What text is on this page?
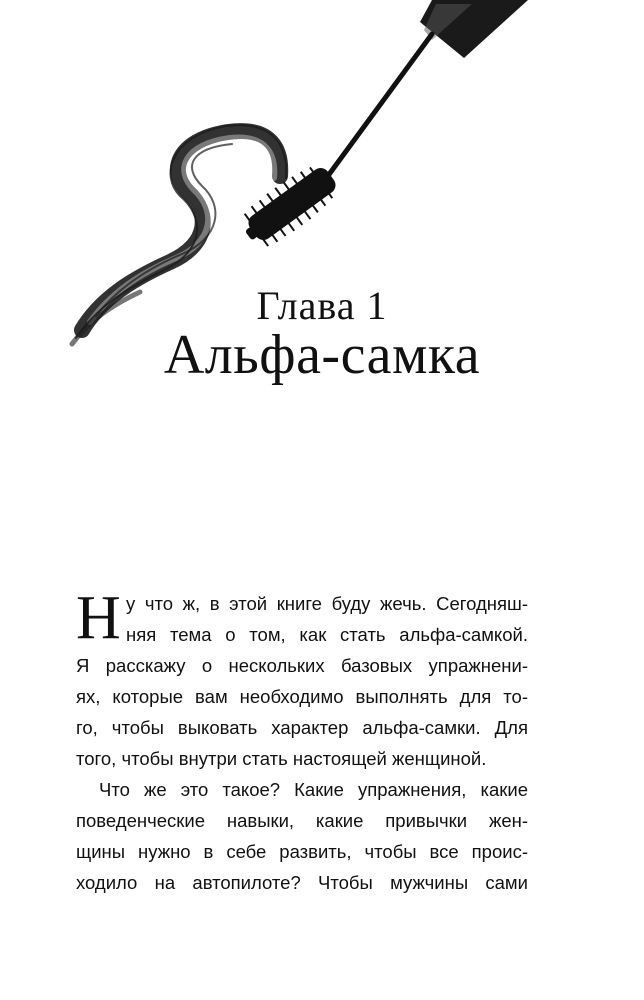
Глава 1
Альфа-самка
Н у что ж, в этой книге буду жечь. Сегодняш-
няя тема о том, как стать альфа-самкой.
Я расскажу о нескольких базовых упражнени-
ях, которые вам необходимо выполнять для то-
го, чтобы выковать характер альфа-самки. Для
того, чтобы внутри стать настоящей женщиной.
Что же это такое? Какие упражнения, какие
поведенческие навыки, какие привычки жен-
щины нужно в себе развить, чтобы все проис-
ходило на автопилоте? Чтобы мужчины сами
